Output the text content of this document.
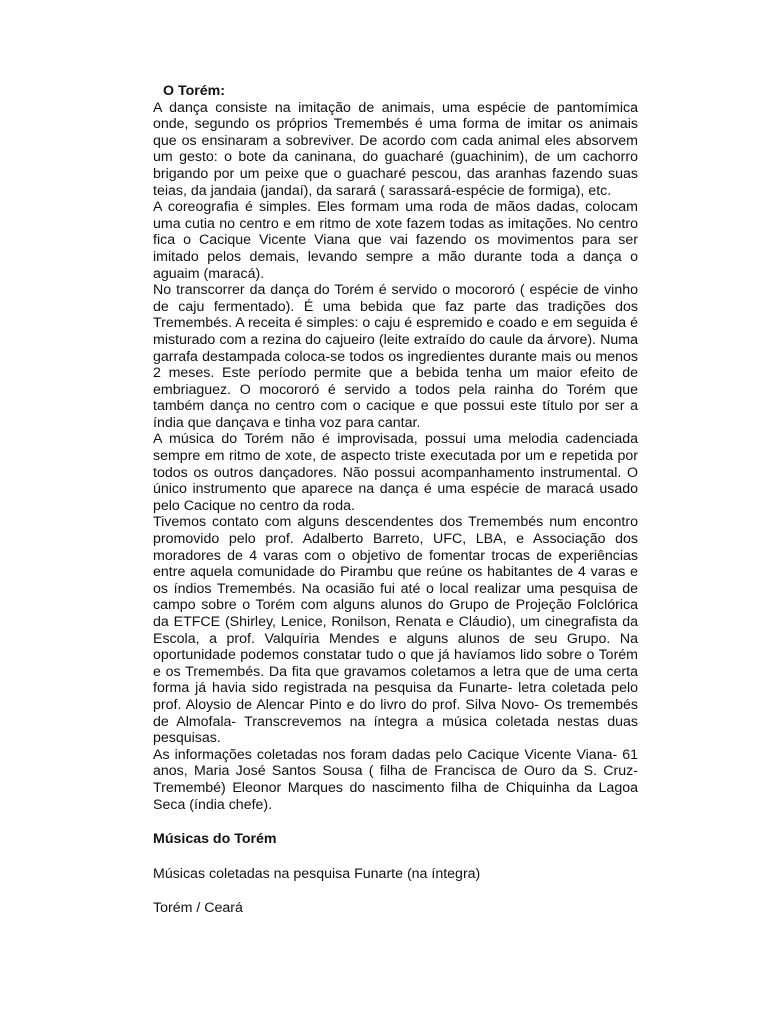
O Torém:

A dança consiste na imitação de animais, uma espécie de pantomímica onde, segundo os próprios Tremembés é uma forma de imitar os animais que os ensinaram a sobreviver. De acordo com cada animal eles absorvem um gesto: o bote da caninana, do guacharé (guachinim), de um cachorro brigando por um peixe que o guacharé pescou, das aranhas fazendo suas teias, da jandaia (jandaí), da sarará ( sarassará-espécie de formiga), etc.

A coreografia é simples. Eles formam uma roda de mãos dadas, colocam uma cutia no centro e em ritmo de xote fazem todas as imitações. No centro fica o Cacique Vicente Viana que vai fazendo os movimentos para ser imitado pelos demais, levando sempre a mão durante toda a dança o aguaim (maracá).

No transcorrer da dança do Torém é servido o mocororó ( espécie de vinho de caju fermentado). É uma bebida que faz parte das tradições dos Tremembés. A receita é simples: o caju é espremido e coado e em seguida é misturado com a rezina do cajueiro (leite extraído do caule da árvore). Numa garrafa destampada coloca-se todos os ingredientes durante mais ou menos 2 meses. Este período permite que a bebida tenha um maior efeito de embriaguez. O mocororó é servido a todos pela rainha do Torém que também dança no centro com o cacique e que possui este título por ser a índia que dançava e tinha voz para cantar.

A música do Torém não é improvisada, possui uma melodia cadenciada sempre em ritmo de xote, de aspecto triste executada por um e repetida por todos os outros dançadores. Não possui acompanhamento instrumental. O único instrumento que aparece na dança é uma espécie de maracá usado pelo Cacique no centro da roda.

Tivemos contato com alguns descendentes dos Tremembés num encontro promovido pelo prof. Adalberto Barreto, UFC, LBA, e Associação dos moradores de 4 varas com o objetivo de fomentar trocas de experiências entre aquela comunidade do Pirambu que reúne os habitantes de 4 varas e os índios Tremembés. Na ocasião fui até o local realizar uma pesquisa de campo sobre o Torém com alguns alunos do Grupo de Projeção Folclórica da ETFCE (Shirley, Lenice, Ronilson, Renata e Cláudio), um cinegrafista da Escola, a prof. Valquíria Mendes e alguns alunos de seu Grupo. Na oportunidade podemos constatar tudo o que já havíamos lido sobre o Torém e os Tremembés. Da fita que gravamos coletamos a letra que de uma certa forma já havia sido registrada na pesquisa da Funarte- letra coletada pelo prof. Aloysio de Alencar Pinto e do livro do prof. Silva Novo- Os tremembés de Almofala- Transcrevemos na íntegra a música coletada nestas duas pesquisas.

As informações coletadas nos foram dadas pelo Cacique Vicente Viana- 61 anos, Maria José Santos Sousa ( filha de Francisca de Ouro da S. Cruz- Tremembé) Eleonor Marques do nascimento filha de Chiquinha da Lagoa Seca (índia chefe).

Músicas do Torém

Músicas coletadas na pesquisa Funarte (na íntegra)

Torém / Ceará
